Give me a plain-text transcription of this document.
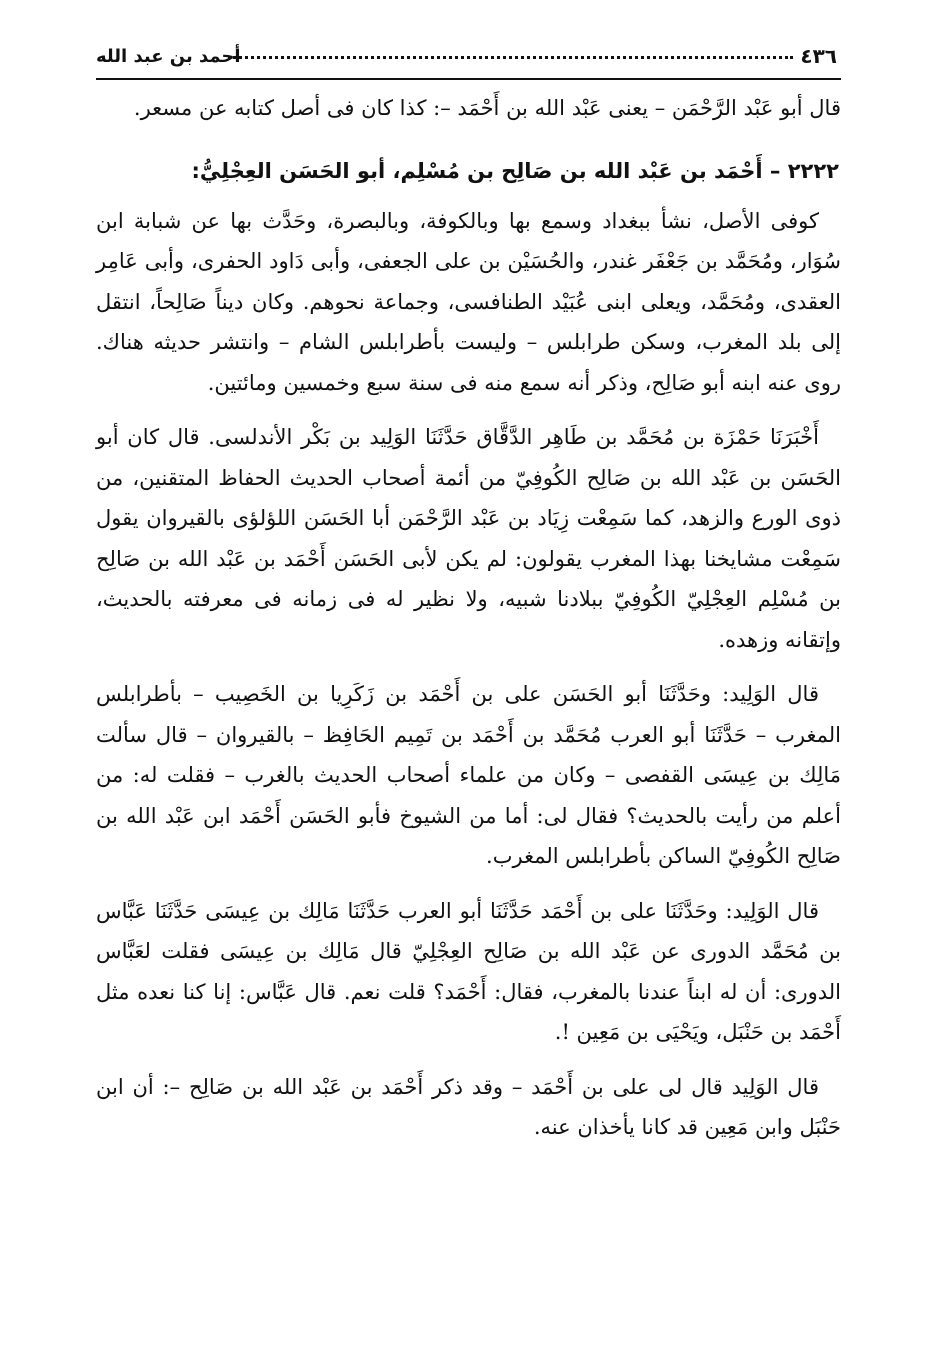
٤٣٦
أحمد بن عبد الله

قال أبو عَبْد الرَّحْمَن – يعنى عَبْد الله بن أَحْمَد –: كذا كان فى أصل كتابه عن مسعر.

٢٢٢٢ – أَحْمَد بن عَبْد الله بن صَالِح بن مُسْلِم، أبو الحَسَن العِجْلِيُّ:

كوفى الأصل، نشأ ببغداد وسمع بها وبالكوفة، وبالبصرة، وحَدَّث بها عن شبابة ابن سُوَار، ومُحَمَّد بن جَعْفَر غندر، والحُسَيْن بن على الجعفى، وأبى دَاود الحفرى، وأبى عَامِر العقدى، ومُحَمَّد، ويعلى ابنى عُبَيْد الطنافسى، وجماعة نحوهم. وكان ديناً صَالِحاً، انتقل إلى بلد المغرب، وسكن طرابلس – وليست بأطرابلس الشام – وانتشر حديثه هناك. روى عنه ابنه أبو صَالِح، وذكر أنه سمع منه فى سنة سبع وخمسين ومائتين.

أَخْبَرَنَا حَمْزَة بن مُحَمَّد بن طَاهِر الدَّقَّاق حَدَّثَنَا الوَلِيد بن بَكْر الأندلسى. قال كان أبو الحَسَن بن عَبْد الله بن صَالِح الكُوفِيّ من أئمة أصحاب الحديث الحفاظ المتقنين، من ذوى الورع والزهد، كما سَمِعْت زِيَاد بن عَبْد الرَّحْمَن أبا الحَسَن اللؤلؤى بالقيروان يقول سَمِعْت مشايخنا بهذا المغرب يقولون: لم يكن لأبى الحَسَن أَحْمَد بن عَبْد الله بن صَالِح بن مُسْلِم العِجْلِيّ الكُوفِيّ ببلادنا شبيه، ولا نظير له فى زمانه فى معرفته بالحديث، وإتقانه وزهده.

قال الوَلِيد: وحَدَّثَنَا أبو الحَسَن على بن أَحْمَد بن زَكَرِيا بن الخَصِيب – بأطرابلس المغرب – حَدَّثَنَا أبو العرب مُحَمَّد بن أَحْمَد بن تَمِيم الحَافِظ – بالقيروان – قال سألت مَالِك بن عِيسَى القفصى – وكان من علماء أصحاب الحديث بالغرب – فقلت له: من أعلم من رأيت بالحديث؟ فقال لى: أما من الشيوخ فأبو الحَسَن أَحْمَد ابن عَبْد الله بن صَالِح الكُوفِيّ الساكن بأطرابلس المغرب.

قال الوَلِيد: وحَدَّثَنَا على بن أَحْمَد حَدَّثَنَا أبو العرب حَدَّثَنَا مَالِك بن عِيسَى حَدَّثَنَا عَبَّاس بن مُحَمَّد الدورى عن عَبْد الله بن صَالِح العِجْلِيّ قال مَالِك بن عِيسَى فقلت لعَبَّاس الدورى: أن له ابناً عندنا بالمغرب، فقال: أَحْمَد؟ قلت نعم. قال عَبَّاس: إنا كنا نعده مثل أَحْمَد بن حَنْبَل، ويَحْيَى بن مَعِين !.

قال الوَلِيد قال لى على بن أَحْمَد – وقد ذكر أَحْمَد بن عَبْد الله بن صَالِح –: أن ابن حَنْبَل وابن مَعِين قد كانا يأخذان عنه.
